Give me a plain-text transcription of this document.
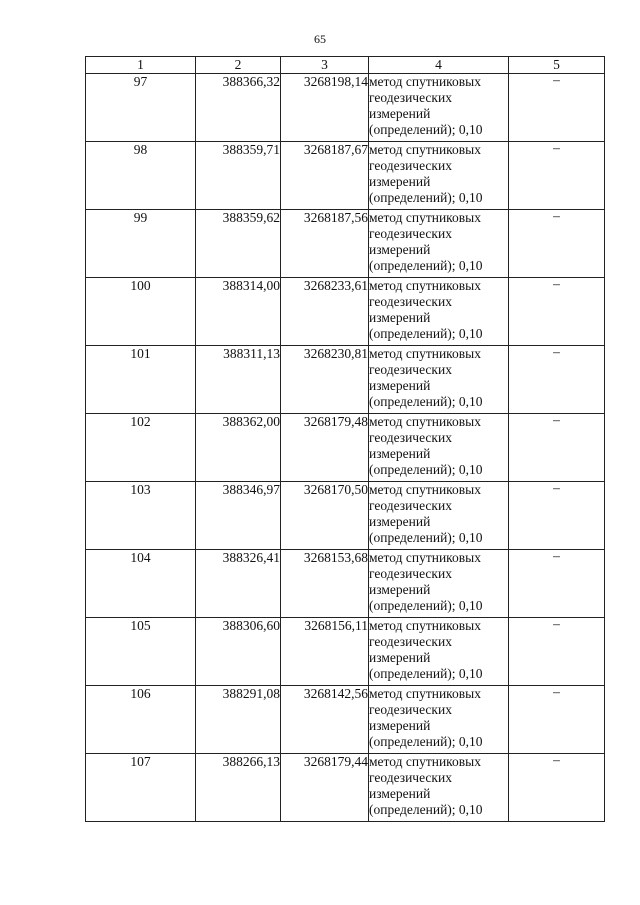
65
1	2	3	4	5
97	388366,32	3268198,14	метод спутниковых
геодезических
измерений
(определений); 0,10	–
98	388359,71	3268187,67	метод спутниковых
геодезических
измерений
(определений); 0,10	–
99	388359,62	3268187,56	метод спутниковых
геодезических
измерений
(определений); 0,10	–
100	388314,00	3268233,61	метод спутниковых
геодезических
измерений
(определений); 0,10	–
101	388311,13	3268230,81	метод спутниковых
геодезических
измерений
(определений); 0,10	–
102	388362,00	3268179,48	метод спутниковых
геодезических
измерений
(определений); 0,10	–
103	388346,97	3268170,50	метод спутниковых
геодезических
измерений
(определений); 0,10	–
104	388326,41	3268153,68	метод спутниковых
геодезических
измерений
(определений); 0,10	–
105	388306,60	3268156,11	метод спутниковых
геодезических
измерений
(определений); 0,10	–
106	388291,08	3268142,56	метод спутниковых
геодезических
измерений
(определений); 0,10	–
107	388266,13	3268179,44	метод спутниковых
геодезических
измерений
(определений); 0,10	–
